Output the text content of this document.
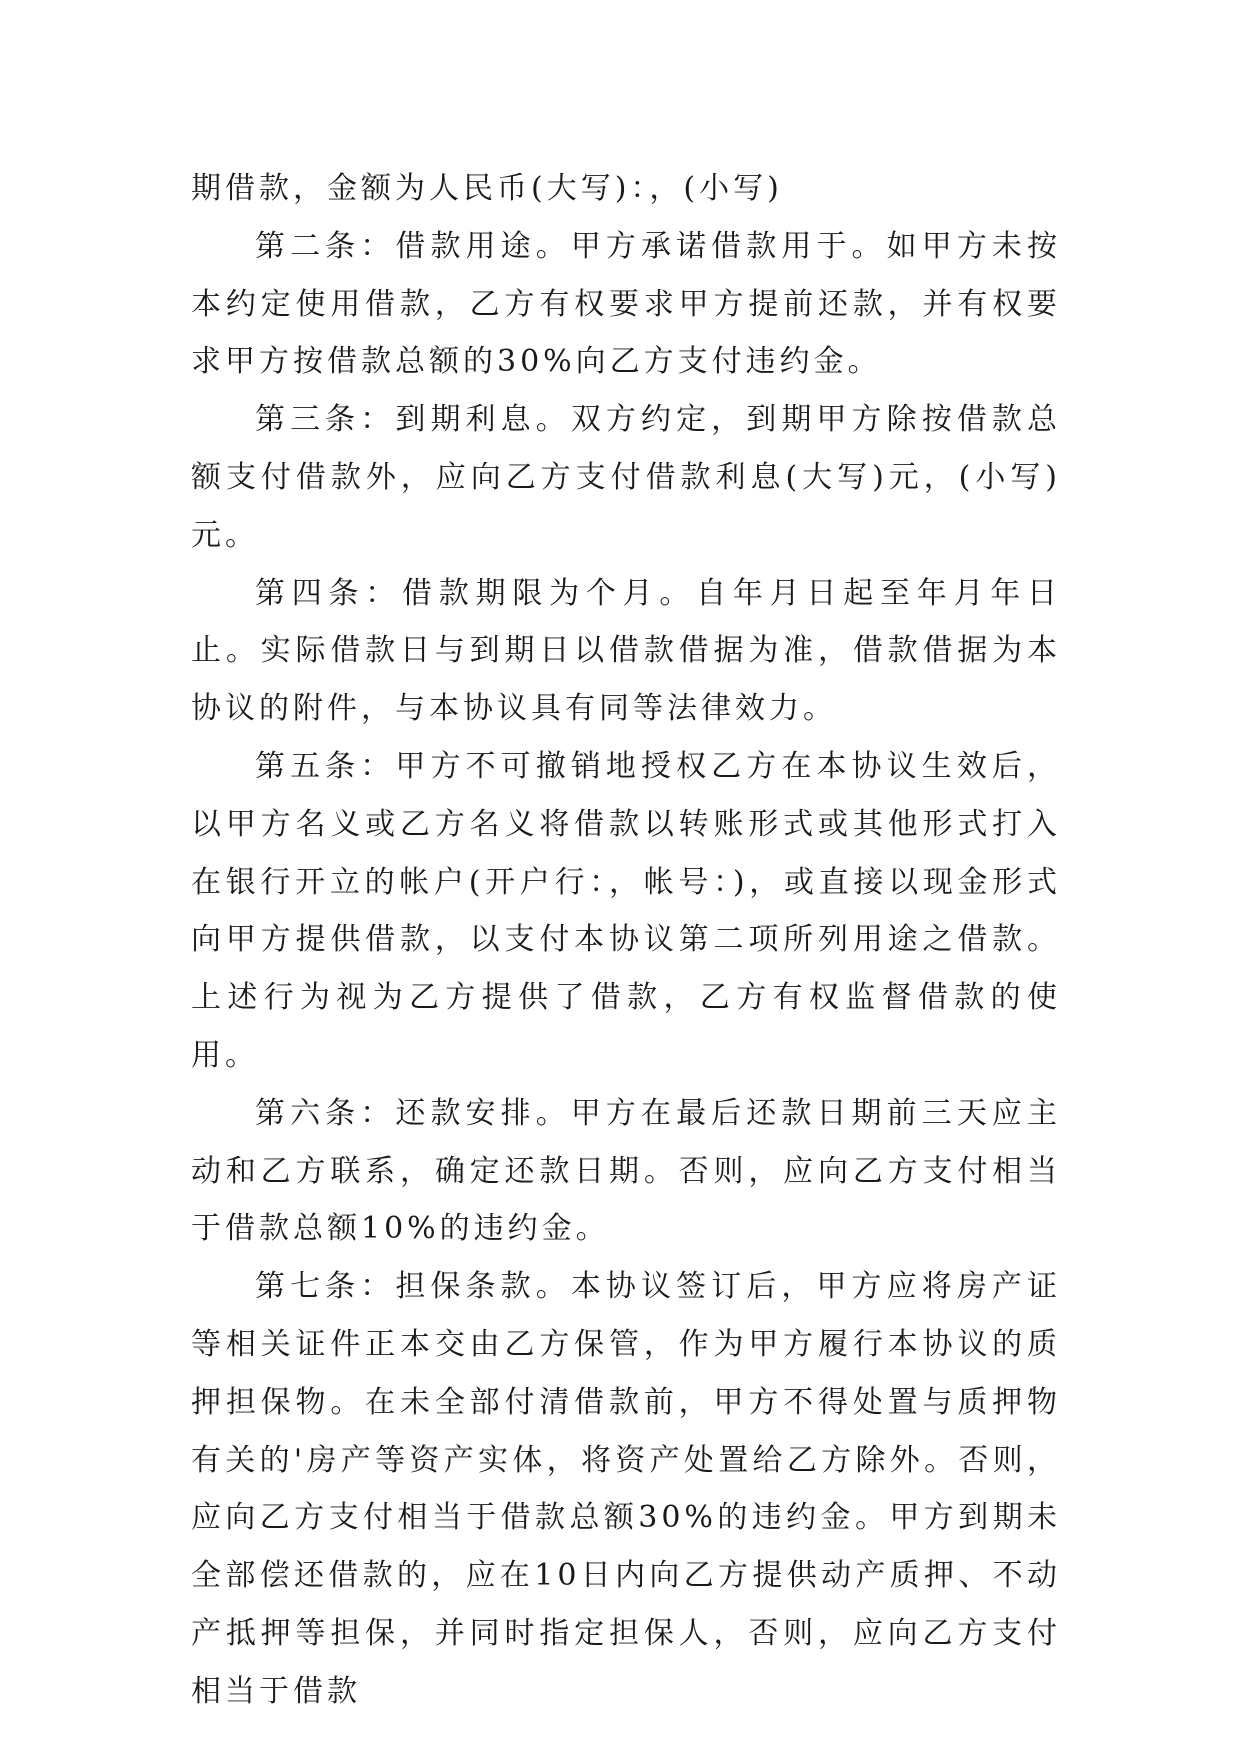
期借款，金额为人民币(大写)：，(小写)

第二条：借款用途。甲方承诺借款用于。如甲方未按本约定使用借款，乙方有权要求甲方提前还款，并有权要求甲方按借款总额的30%向乙方支付违约金。

第三条：到期利息。双方约定，到期甲方除按借款总额支付借款外，应向乙方支付借款利息(大写)元，(小写)元。

第四条：借款期限为个月。自年月日起至年月年日止。实际借款日与到期日以借款借据为准，借款借据为本协议的附件，与本协议具有同等法律效力。

第五条：甲方不可撤销地授权乙方在本协议生效后，以甲方名义或乙方名义将借款以转账形式或其他形式打入在银行开立的帐户(开户行：，帐号：)，或直接以现金形式向甲方提供借款，以支付本协议第二项所列用途之借款。上述行为视为乙方提供了借款，乙方有权监督借款的使用。

第六条：还款安排。甲方在最后还款日期前三天应主动和乙方联系，确定还款日期。否则，应向乙方支付相当于借款总额10%的违约金。

第七条：担保条款。本协议签订后，甲方应将房产证等相关证件正本交由乙方保管，作为甲方履行本协议的质押担保物。在未全部付清借款前，甲方不得处置与质押物有关的'房产等资产实体，将资产处置给乙方除外。否则，应向乙方支付相当于借款总额30%的违约金。甲方到期未全部偿还借款的，应在10日内向乙方提供动产质押、不动产抵押等担保，并同时指定担保人，否则，应向乙方支付相当于借款
